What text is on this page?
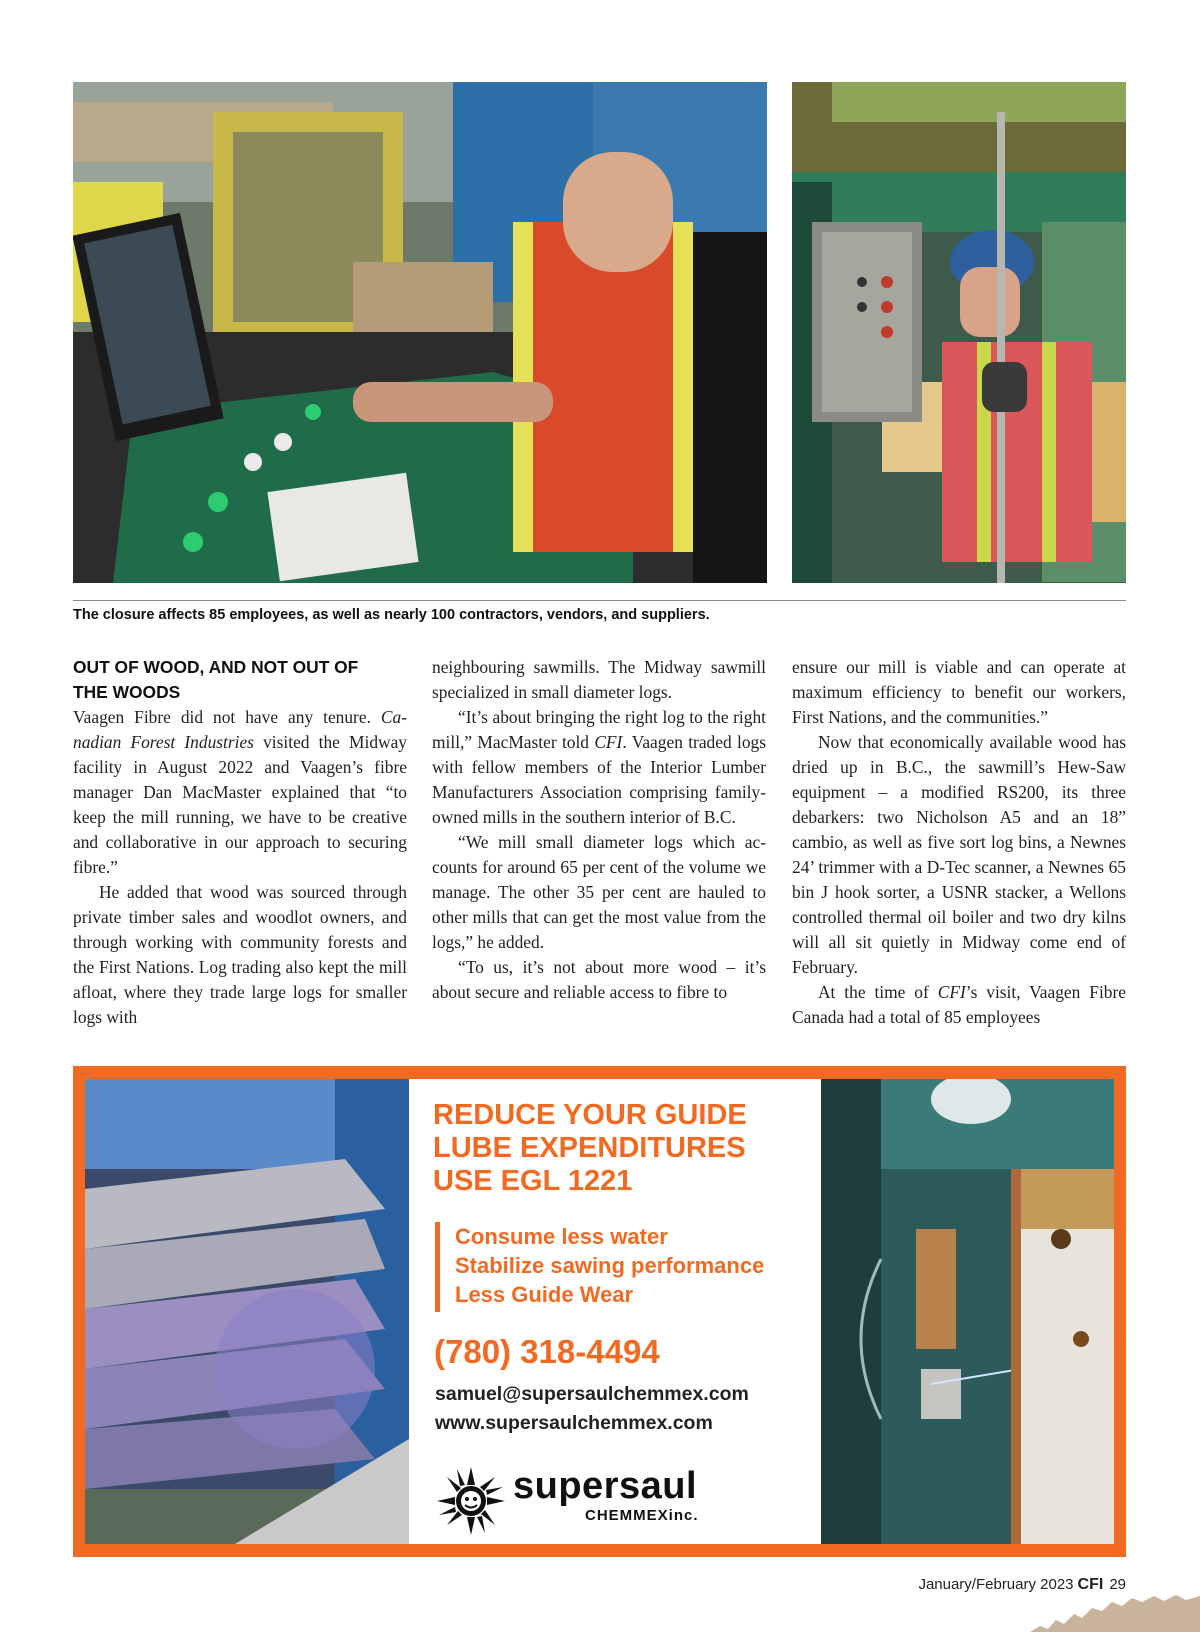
The closure affects 85 employees, as well as nearly 100 contractors, vendors, and suppliers.

OUT OF WOOD, AND NOT OUT OF
THE WOODS

Vaagen Fibre did not have any tenure. Canadian Forest Industries visited the Midway facility in August 2022 and Vaagen’s fibre manager Dan MacMaster explained that “to keep the mill running, we have to be creative and collaborative in our approach to securing fibre.”

He added that wood was sourced through private timber sales and woodlot owners, and through working with community forests and the First Nations. Log trading also kept the mill afloat, where they trade large logs for smaller logs with

neighbouring sawmills. The Midway sawmill specialized in small diameter logs.

“It’s about bringing the right log to the right mill,” MacMaster told CFI. Vaagen traded logs with fellow members of the Interior Lumber Manufacturers Association comprising family-owned mills in the southern interior of B.C.

“We mill small diameter logs which accounts for around 65 per cent of the volume we manage. The other 35 per cent are hauled to other mills that can get the most value from the logs,” he added.

“To us, it’s not about more wood – it’s about secure and reliable access to fibre to

ensure our mill is viable and can operate at maximum efficiency to benefit our workers, First Nations, and the communities.”

Now that economically available wood has dried up in B.C., the sawmill’s Hew-Saw equipment – a modified RS200, its three debarkers: two Nicholson A5 and an 18” cambio, as well as five sort log bins, a Newnes 24’ trimmer with a D-Tec scanner, a Newnes 65 bin J hook sorter, a USNR stacker, a Wellons controlled thermal oil boiler and two dry kilns will all sit quietly in Midway come end of February.

At the time of CFI’s visit, Vaagen Fibre Canada had a total of 85 employees

REDUCE YOUR GUIDE
LUBE EXPENDITURES
USE EGL 1221
Consume less water
Stabilize sawing performance
Less Guide Wear
(780) 318-4494
samuel@supersaulchemmex.com
www.supersaulchemmex.com
supersaul
CHEMMEXinc.
January/February 2023 CFI 29
